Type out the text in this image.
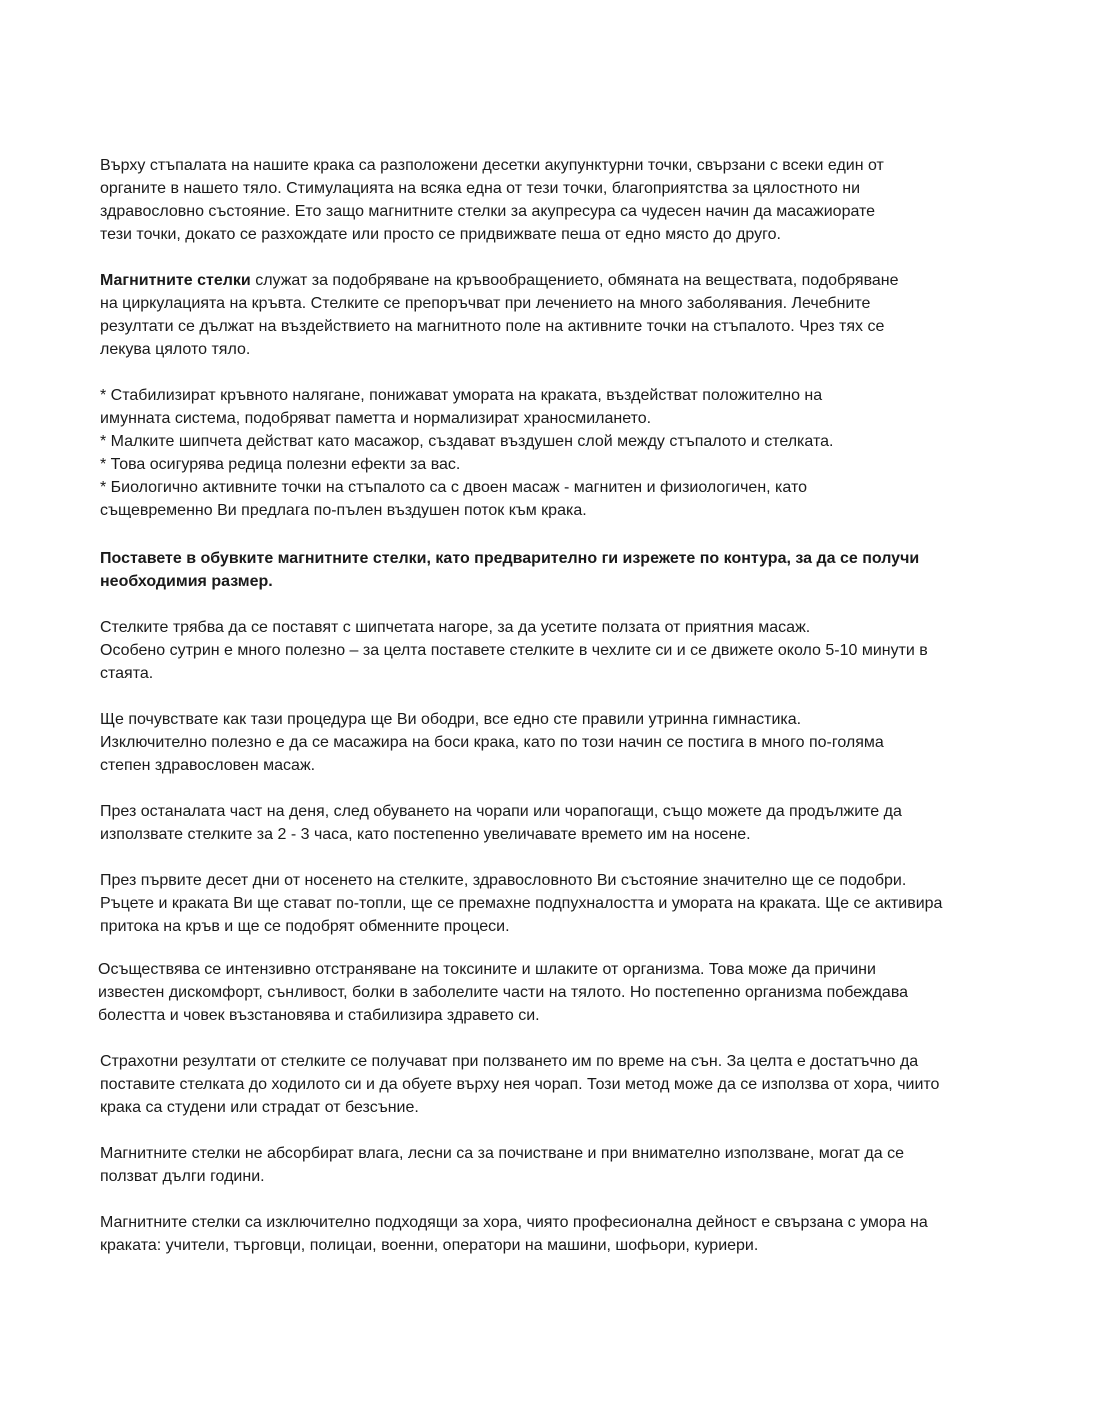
Върху стъпалата на нашите крака са разположени десетки акупунктурни точки, свързани с всеки един от
органите в нашето тяло. Стимулацията на всяка една от тези точки, благоприятства за цялостното ни
здравословно състояние. Ето защо магнитните стелки за акупресура са чудесен начин да масажиорате
тези точки, докато се разхождате или просто се придвижвате пеша от едно място до друго.
Магнитните стелки служат за подобряване на кръвообращението, обмяната на веществата, подобряване
на циркулацията на кръвта. Стелките се препоръчват при лечението на много заболявания. Лечебните
резултати се дължат на въздействието на магнитното поле на активните точки на стъпалото. Чрез тях се
лекува цялото тяло.
* Стабилизират кръвното налягане, понижават умората на краката, въздействат положително на
имунната система, подобряват паметта и нормализират храносмилането.
* Малките шипчета действат като масажор, създават въздушен слой между стъпалото и стелката.
* Това осигурява редица полезни ефекти за вас.
* Биологично активните точки на стъпалото са с двоен масаж - магнитен и физиологичен, като
същевременно Ви предлага по-пълен въздушен поток към крака.
Поставете в обувките магнитните стелки, като предварително ги изрежете по контура, за да се получи
необходимия размер.
Стелките трябва да се поставят с шипчетата нагоре, за да усетите ползата от приятния масаж.
Особено сутрин е много полезно – за целта поставете стелките в чехлите си и се движете около 5-10 минути в
стаята.
Ще почувствате как тази процедура ще Ви ободри, все едно сте правили утринна гимнастика.
Изключително полезно е да се масажира на боси крака, като по този начин се постига в много по-голяма
степен здравословен масаж.
През останалата част на деня, след обуването на чорапи или чорапогащи, също можете да продължите да
използвате стелките за 2 - 3 часа, като постепенно увеличавате времето им на носене.
През първите десет дни от носенето на стелките, здравословното Ви състояние значително ще се подобри.
Ръцете и краката Ви ще стават по-топли, ще се премахне подпухналостта и умората на краката. Ще се активира
притока на кръв и ще се подобрят обменните процеси.
Осъществява се интензивно отстраняване на токсините и шлаките от организма. Това може да причини
известен дискомфорт, сънливост, болки в заболелите части на тялото. Но постепенно организма побеждава
болестта и човек възстановява и стабилизира здравето си.
Страхотни резултати от стелките се получават при ползването им по време на сън. За целта е достатъчно да
поставите стелката до ходилото си и да обуете върху нея чорап. Този метод може да се използва от хора, чиито
крака са студени или страдат от безсъние.
Магнитните стелки не абсорбират влага, лесни са за почистване и при внимателно използване, могат да се
ползват дълги години.
Магнитните стелки са изключително подходящи за хора, чиято професионална дейност е свързана с умора на
краката: учители, търговци, полицаи, военни, оператори на машини, шофьори, куриери.
